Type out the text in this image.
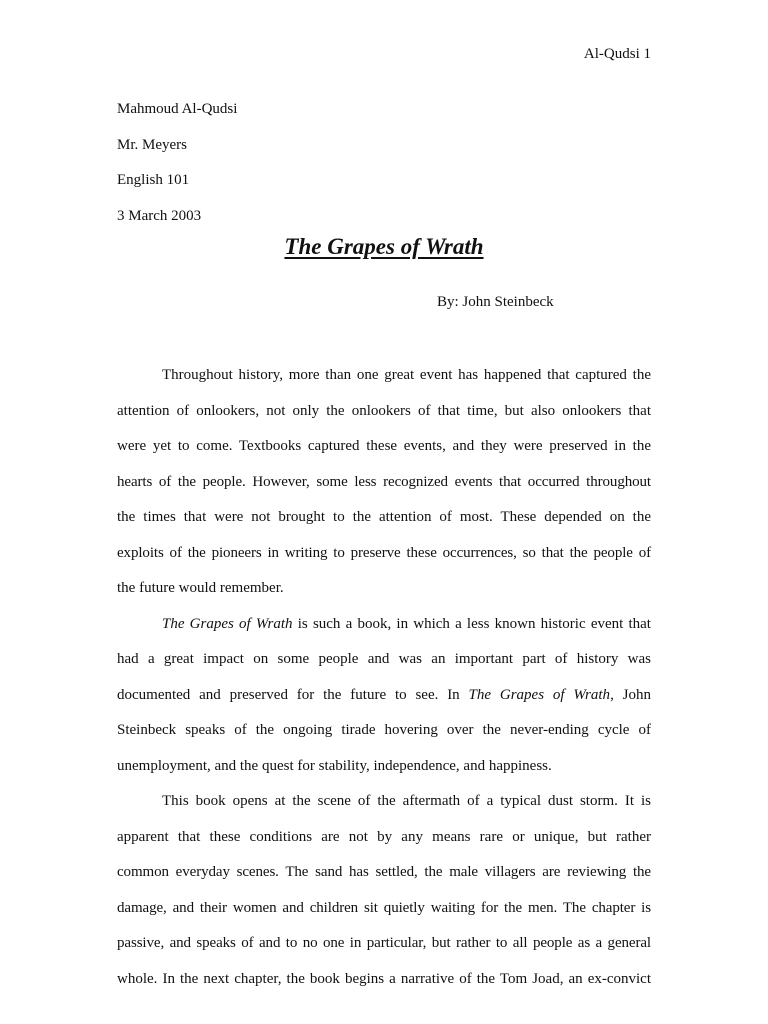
Al-Qudsi 1
Mahmoud Al-Qudsi
Mr. Meyers
English 101
3 March 2003
The Grapes of Wrath
By: John Steinbeck
Throughout history, more than one great event has happened that captured the
attention of onlookers, not only the onlookers of that time, but also onlookers that
were yet to come. Textbooks captured these events, and they were preserved in the
hearts of the people. However, some less recognized events that occurred throughout
the times that were not brought to the attention of most. These depended on the
exploits of the pioneers in writing to preserve these occurrences, so that the people of
the future would remember.
The Grapes of Wrath is such a book, in which a less known historic event that
had a great impact on some people and was an important part of history was
documented and preserved for the future to see. In The Grapes of Wrath, John
Steinbeck speaks of the ongoing tirade hovering over the never-ending cycle of
unemployment, and the quest for stability, independence, and happiness.
This book opens at the scene of the aftermath of a typical dust storm. It is
apparent that these conditions are not by any means rare or unique, but rather
common everyday scenes. The sand has settled, the male villagers are reviewing the
damage, and their women and children sit quietly waiting for the men. The chapter is
passive, and speaks of and to no one in particular, but rather to all people as a general
whole. In the next chapter, the book begins a narrative of the Tom Joad, an ex-convict
